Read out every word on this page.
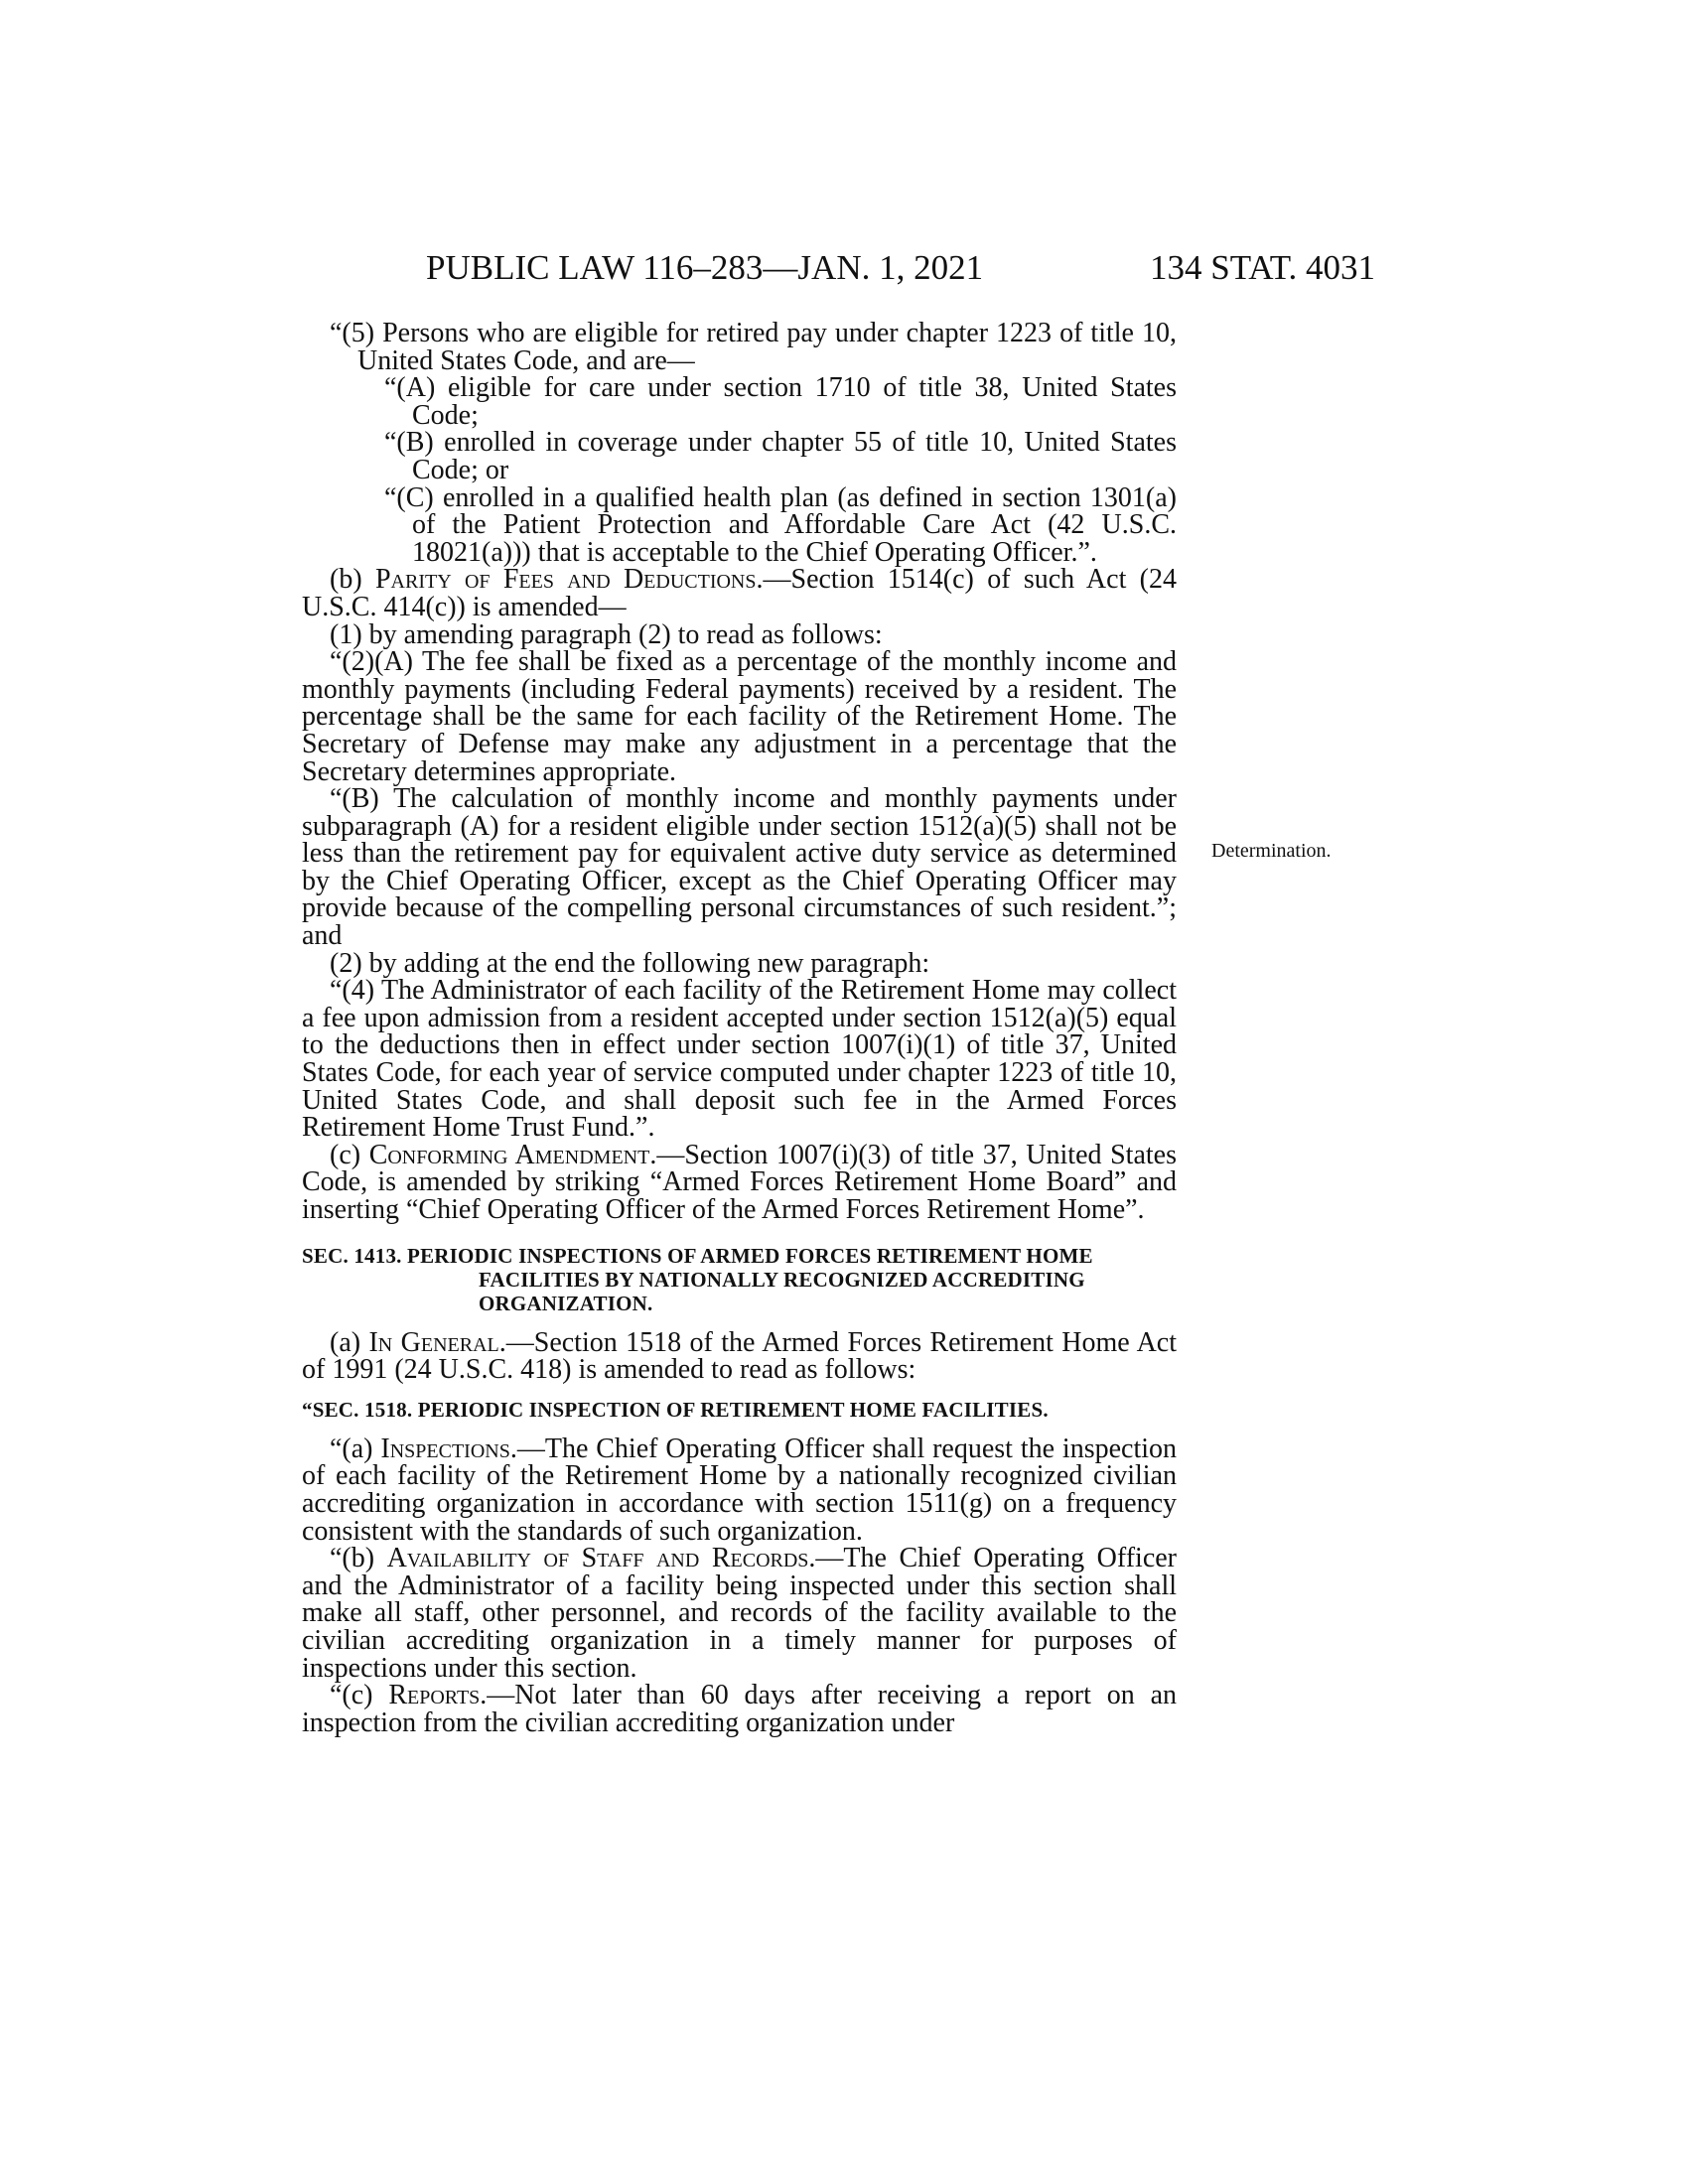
PUBLIC LAW 116–283—JAN. 1, 2021	134 STAT. 4031
Determination.

“(5) Persons who are eligible for retired pay under chapter 1223 of title 10, United States Code, and are—

“(A) eligible for care under section 1710 of title 38, United States Code;

“(B) enrolled in coverage under chapter 55 of title 10, United States Code; or

“(C) enrolled in a qualified health plan (as defined in section 1301(a) of the Patient Protection and Affordable Care Act (42 U.S.C. 18021(a))) that is acceptable to the Chief Operating Officer.”.

(b) Parity of Fees and Deductions.—Section 1514(c) of such Act (24 U.S.C. 414(c)) is amended—

(1) by amending paragraph (2) to read as follows:

“(2)(A) The fee shall be fixed as a percentage of the monthly income and monthly payments (including Federal payments) received by a resident. The percentage shall be the same for each facility of the Retirement Home. The Secretary of Defense may make any adjustment in a percentage that the Secretary determines appropriate.

“(B) The calculation of monthly income and monthly payments under subparagraph (A) for a resident eligible under section 1512(a)(5) shall not be less than the retirement pay for equivalent active duty service as determined by the Chief Operating Officer, except as the Chief Operating Officer may provide because of the compelling personal circumstances of such resident.”; and

(2) by adding at the end the following new paragraph:

“(4) The Administrator of each facility of the Retirement Home may collect a fee upon admission from a resident accepted under section 1512(a)(5) equal to the deductions then in effect under section 1007(i)(1) of title 37, United States Code, for each year of service computed under chapter 1223 of title 10, United States Code, and shall deposit such fee in the Armed Forces Retirement Home Trust Fund.”.

(c) Conforming Amendment.—Section 1007(i)(3) of title 37, United States Code, is amended by striking “Armed Forces Retirement Home Board” and inserting “Chief Operating Officer of the Armed Forces Retirement Home”.

SEC. 1413. PERIODIC INSPECTIONS OF ARMED FORCES RETIREMENT HOME FACILITIES BY NATIONALLY RECOGNIZED ACCREDITING ORGANIZATION.

(a) In General.—Section 1518 of the Armed Forces Retirement Home Act of 1991 (24 U.S.C. 418) is amended to read as follows:

“SEC. 1518. PERIODIC INSPECTION OF RETIREMENT HOME FACILITIES.

“(a) Inspections.—The Chief Operating Officer shall request the inspection of each facility of the Retirement Home by a nationally recognized civilian accrediting organization in accordance with section 1511(g) on a frequency consistent with the standards of such organization.

“(b) Availability of Staff and Records.—The Chief Operating Officer and the Administrator of a facility being inspected under this section shall make all staff, other personnel, and records of the facility available to the civilian accrediting organization in a timely manner for purposes of inspections under this section.

“(c) Reports.—Not later than 60 days after receiving a report on an inspection from the civilian accrediting organization under
